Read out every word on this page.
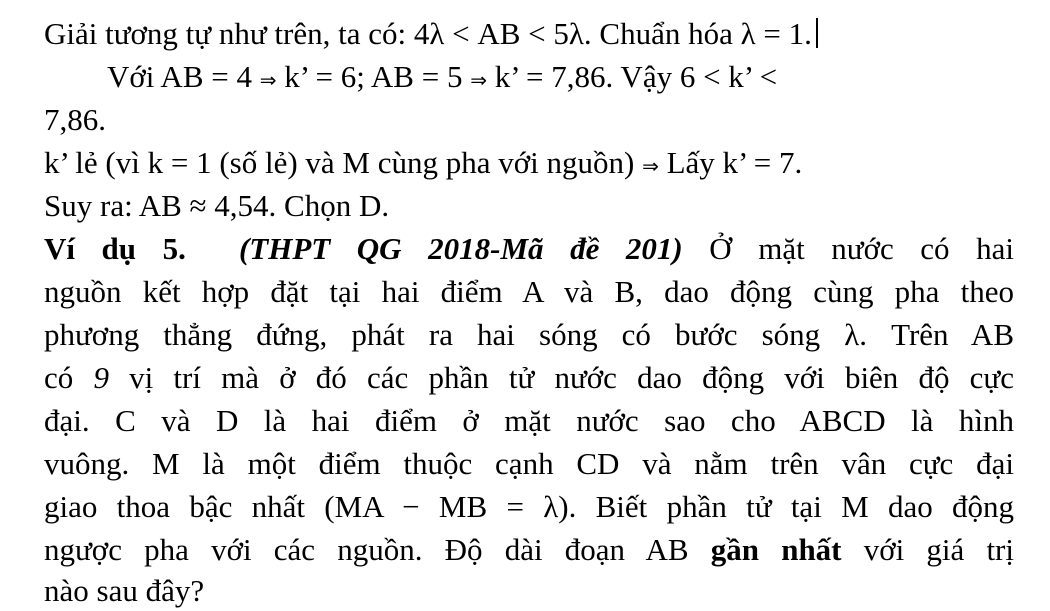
Giải tương tự như trên, ta có: 4λ < AB < 5λ. Chuẩn hóa λ = 1.
Với AB = 4 ⇒ k’ = 6; AB = 5 ⇒ k’ = 7,86. Vậy 6 < k’ <
7,86.
k’ lẻ (vì k = 1 (số lẻ) và M cùng pha với nguồn) ⇒ Lấy k’ = 7.
Suy ra: AB ≈ 4,54. Chọn D.
Ví dụ 5. (THPT QG 2018-Mã đề 201) Ở mặt nước có hai
nguồn kết hợp đặt tại hai điểm A và B, dao động cùng pha theo
phương thẳng đứng, phát ra hai sóng có bước sóng λ. Trên AB
có 9 vị trí mà ở đó các phần tử nước dao động với biên độ cực
đại. C và D là hai điểm ở mặt nước sao cho ABCD là hình
vuông. M là một điểm thuộc cạnh CD và nằm trên vân cực đại
giao thoa bậc nhất (MA − MB = λ). Biết phần tử tại M dao động
ngược pha với các nguồn. Độ dài đoạn AB gần nhất với giá trị
nào sau đây?
